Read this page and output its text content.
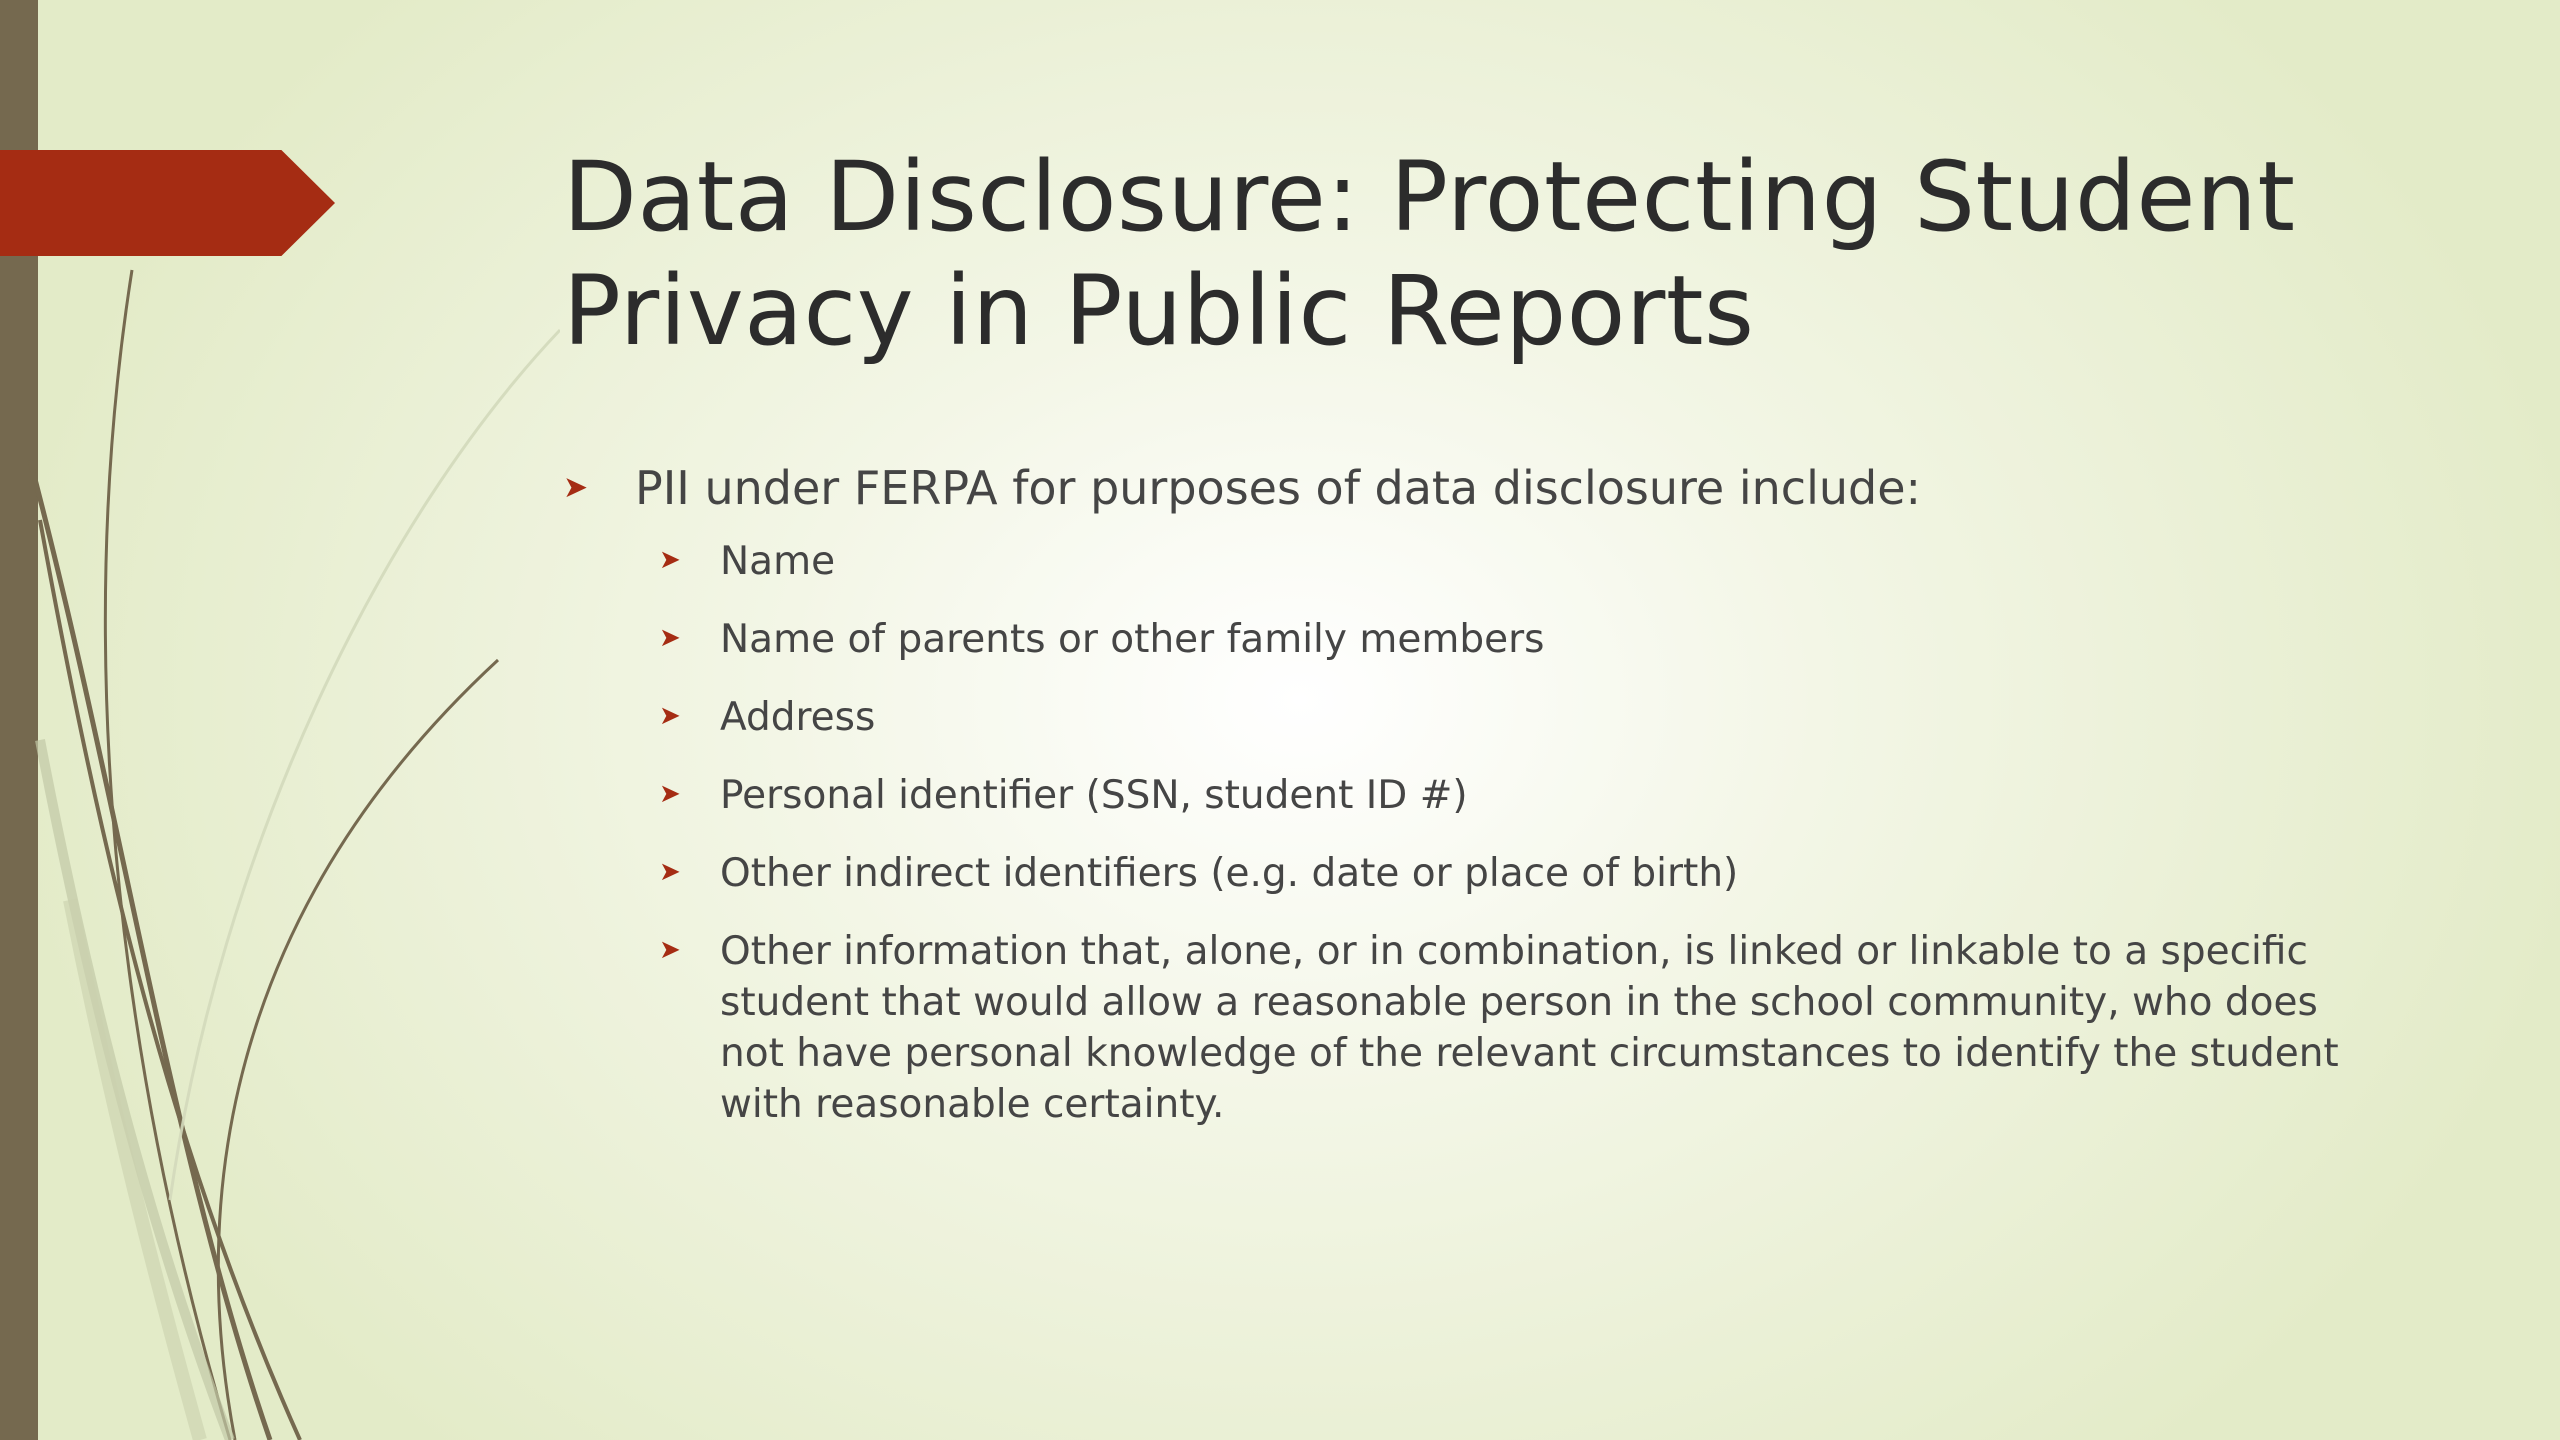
Data Disclosure: Protecting Student
Privacy in Public Reports
➤ PII under FERPA for purposes of data disclosure include:
➤ Name
➤ Name of parents or other family members
➤ Address
➤ Personal identifier (SSN, student ID #)
➤ Other indirect identifiers (e.g. date or place of birth)
➤ Other information that, alone, or in combination, is linked or linkable to a specific student that would allow a reasonable person in the school community, who does not have personal knowledge of the relevant circumstances to identify the student with reasonable certainty.
